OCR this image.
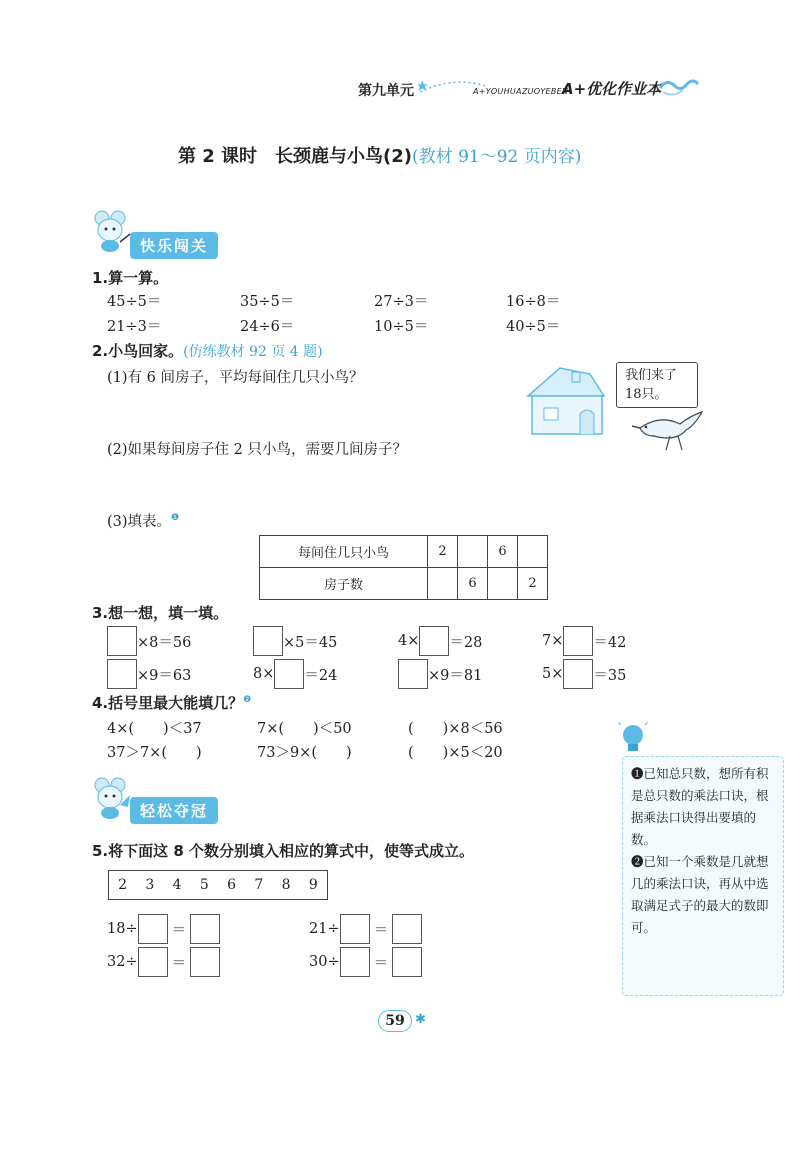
第九单元	A+YOUHUAZUOYEBEN
A+优化作业本
第 2 课时　长颈鹿与小鸟(2)(教材 91～92 页内容)
快乐闯关
1.算一算。
45÷5＝	35÷5＝	27÷3＝	16÷8＝
21÷3＝	24÷6＝	10÷5＝	40÷5＝
2.小鸟回家。(仿练教材 92 页 4 题)
(1)有 6 间房子，平均每间住几只小鸟？
(2)如果每间房子住 2 只小鸟，需要几间房子？
(3)填表。$^❶$
我们来了
18只。
每间住几只小鸟	2		6	
房子数		6		2
3.想一想，填一填。
×8＝56	×5＝45	4× ＝28	7× ＝42
×9＝63	8× ＝24	×9＝81	5× ＝35
4.括号里最大能填几？$^❷$
4×(　　)＜37	7×(　　)＜50	(　　)×8＜56
37＞7×(　　)	73＞9×(　　)	(　　)×5＜20
轻松夺冠
5.将下面这 8 个数分别填入相应的算式中，使等式成立。
2 3 4 5 6 7 8 9
18÷ ＝	21÷ ＝
32÷ ＝	30÷ ＝

❶已知总只数，想所有积是总只数的乘法口诀，根据乘法口诀得出要填的数。

❷已知一个乘数是几就想几的乘法口诀，再从中选取满足式子的最大的数即可。

59 ✱
